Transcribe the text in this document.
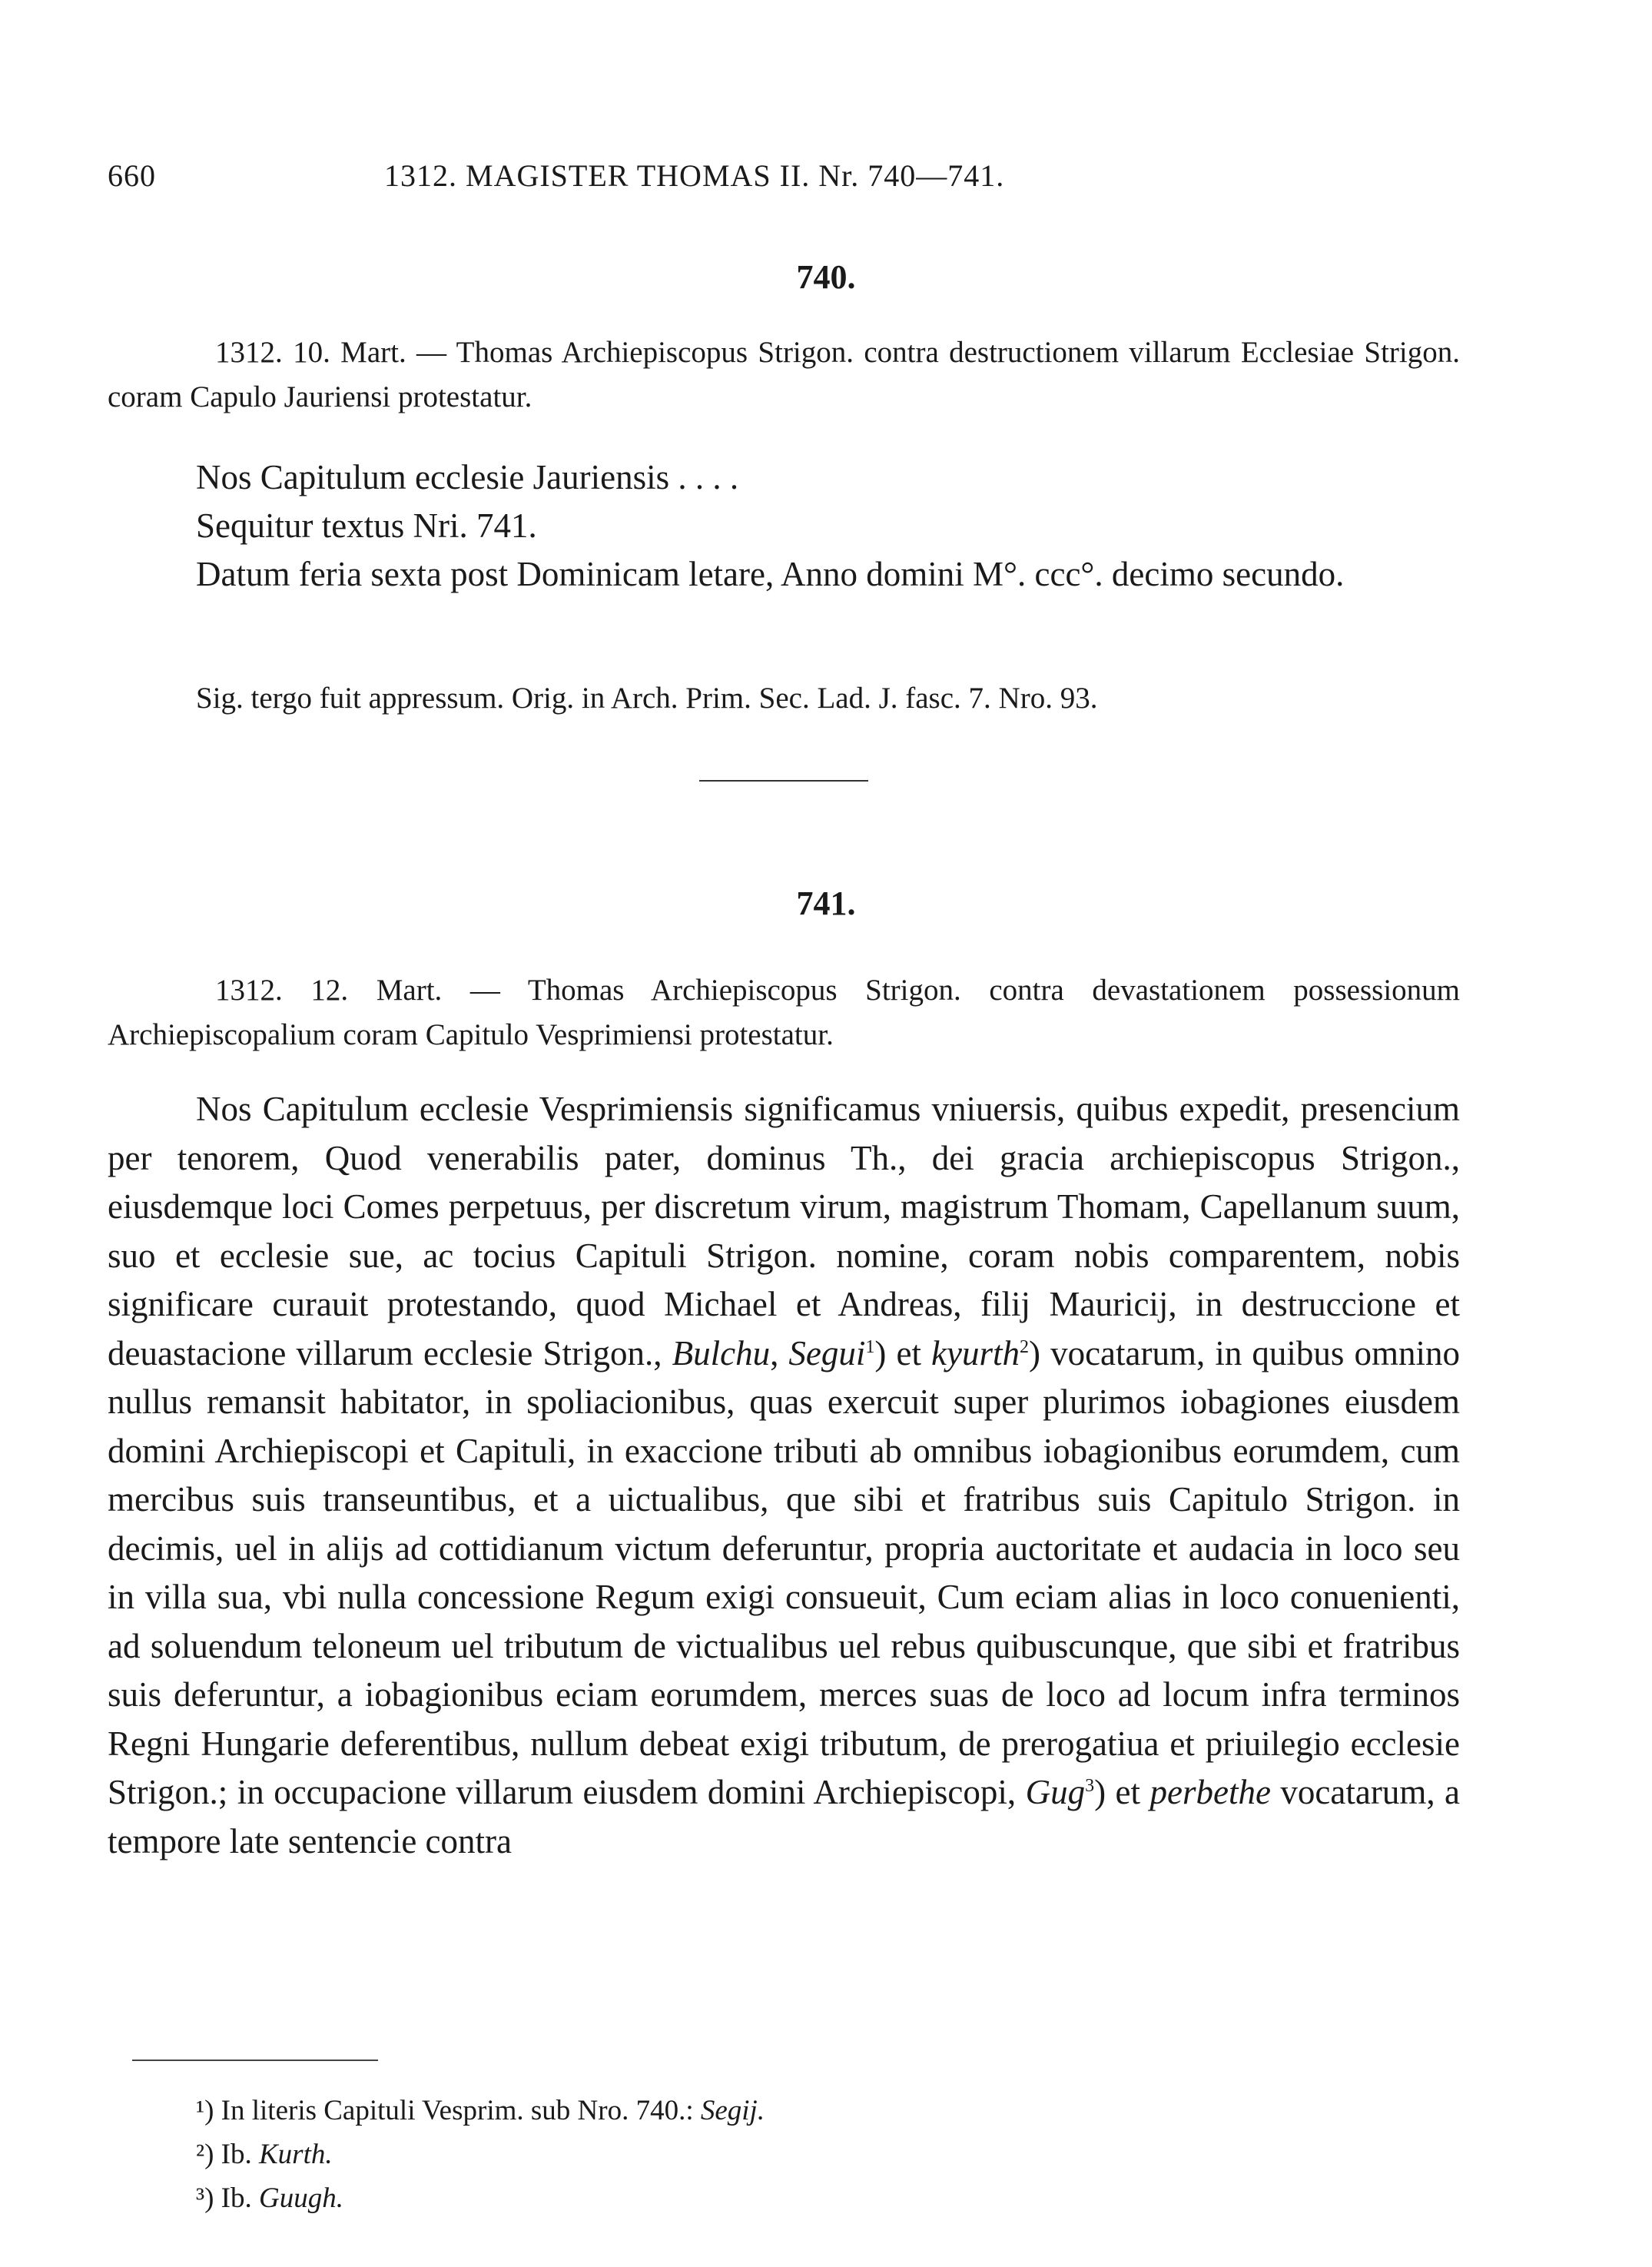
660	1312. MAGISTER THOMAS II. Nr. 740—741.
740.

1312. 10. Mart. — Thomas Archiepiscopus Strigon. contra destructionem villarum Ecclesiae Strigon. coram Capulo Jauriensi protestatur.

Nos Capitulum ecclesie Jauriensis . . . .

Sequitur textus Nri. 741.

Datum feria sexta post Dominicam letare, Anno domini M°. ccc°. decimo secundo.

Sig. tergo fuit appressum. Orig. in Arch. Prim. Sec. Lad. J. fasc. 7. Nro. 93.
741.

1312. 12. Mart. — Thomas Archiepiscopus Strigon. contra devastationem possessionum Archiepiscopalium coram Capitulo Vesprimiensi protestatur.

Nos Capitulum ecclesie Vesprimiensis significamus vniuersis, quibus expedit, presencium per tenorem, Quod venerabilis pater, dominus Th., dei gracia archiepiscopus Strigon., eiusdemque loci Comes perpetuus, per discretum virum, magistrum Thomam, Capellanum suum, suo et ecclesie sue, ac tocius Capituli Strigon. nomine, coram nobis comparentem, nobis significare curauit protestando, quod Michael et Andreas, filij Mauricij, in destruccione et deuastacione villarum ecclesie Strigon., Bulchu, Segui$^1$) et kyurth$^2$) vocatarum, in quibus omnino nullus remansit habitator, in spoliacionibus, quas exercuit super plurimos iobagiones eiusdem domini Archiepiscopi et Capituli, in exaccione tributi ab omnibus iobagionibus eorumdem, cum mercibus suis transeuntibus, et a uictualibus, que sibi et fratribus suis Capitulo Strigon. in decimis, uel in alijs ad cottidianum victum deferuntur, propria auctoritate et audacia in loco seu in villa sua, vbi nulla concessione Regum exigi consueuit, Cum eciam alias in loco conuenienti, ad soluendum teloneum uel tributum de victualibus uel rebus quibuscunque, que sibi et fratribus suis deferuntur, a iobagionibus eciam eorumdem, merces suas de loco ad locum infra terminos Regni Hungarie deferentibus, nullum debeat exigi tributum, de prerogatiua et priuilegio ecclesie Strigon.; in occupacione villarum eiusdem domini Archiepiscopi, Gug$^3$) et perbethe vocatarum, a tempore late sentencie contra

¹) In literis Capituli Vesprim. sub Nro. 740.: Segij.
²) Ib. Kurth.
³) Ib. Guugh.
